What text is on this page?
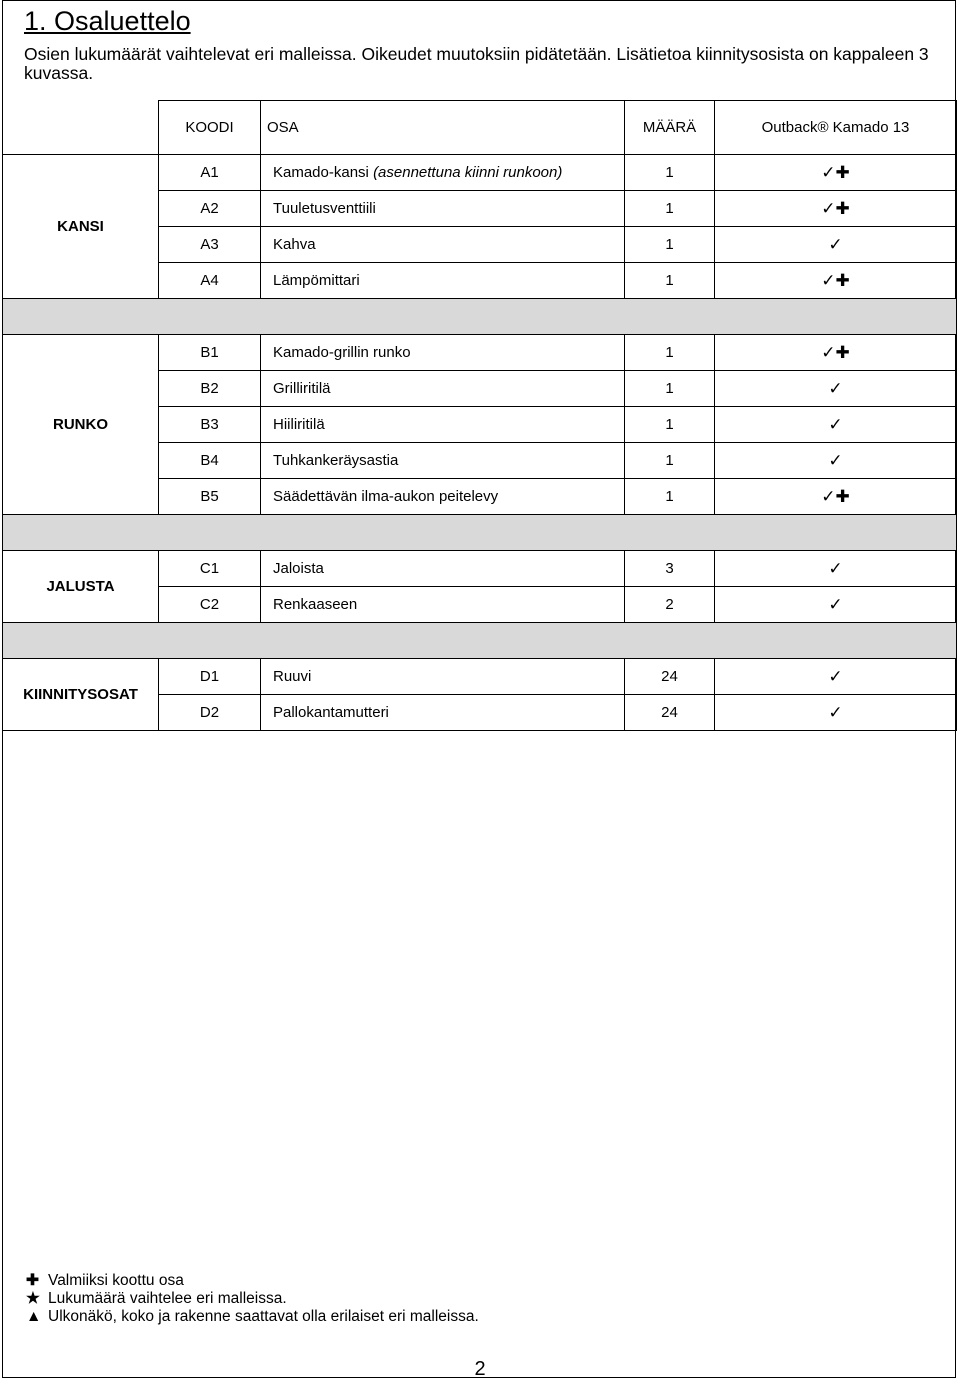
1. Osaluettelo

Osien lukumäärät vaihtelevat eri malleissa. Oikeudet muutoksiin pidätetään. Lisätietoa kiinnitysosista on kappaleen 3 kuvassa.

	KOODI	OSA	MÄÄRÄ	Outback® Kamado 13
KANSI	A1	Kamado-kansi (asennettuna kiinni runkoon)	1	✓✚
	A2	Tuuletusventtiili	1	✓✚
	A3	Kahva	1	✓
	A4	Lämpömittari	1	✓✚

RUNKO	B1	Kamado-grillin runko	1	✓✚
	B2	Grilliritilä	1	✓
	B3	Hiiliritilä	1	✓
	B4	Tuhkankeräysastia	1	✓
	B5	Säädettävän ilma-aukon peitelevy	1	✓✚

JALUSTA	C1	Jaloista	3	✓
	C2	Renkaaseen	2	✓

KIINNITYSOSAT	D1	Ruuvi	24	✓
	D2	Pallokantamutteri	24	✓
✚ Valmiiksi koottu osa
★ Lukumäärä vaihtelee eri malleissa.
▲ Ulkonäkö, koko ja rakenne saattavat olla erilaiset eri malleissa.
2
